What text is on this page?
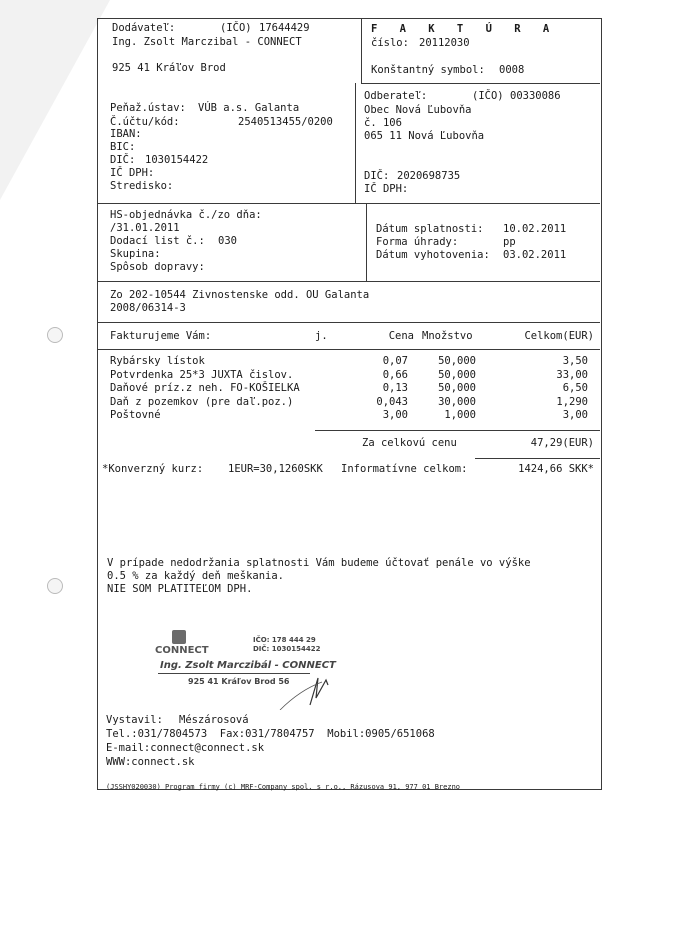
Dodávateľ:	(IČO) 17644429
Ing. Zsolt Marczibal - CONNECT
925 41 Kráľov Brod
F A K T Ú R A
číslo: 20112030
Konštantný symbol: 0008
Peňaž.ústav: VÚB a.s. Galanta
Č.účtu/kód:	2540513455/0200
IBAN:
BIC:
DIČ: 1030154422
IČ DPH:
Stredisko:
Odberateľ:	(IČO) 00330086
Obec Nová Ľubovňa
č. 106
065 11 Nová Ľubovňa
DIČ: 2020698735
IČ DPH:
HS-objednávka č./zo dňa:
/31.01.2011
Dodací list č.: 030
Skupina:
Spôsob dopravy:
Dátum splatnosti: 10.02.2011
Forma úhrady:	pp
Dátum vyhotovenia: 03.02.2011
Zo 202-10544 Zivnostenske odd. OU Galanta
2008/06314-3
Fakturujeme Vám:	j.	Cena Množstvo	Celkom(EUR)
Rybársky lístok	0,07	50,000	3,50
Potvrdenka 25*3 JUXTA čislov.	0,66	50,000	33,00
Daňové príz.z neh. FO-KOŠIELKA	0,13	50,000	6,50
Daň z pozemkov (pre daľ.poz.)	0,043	30,000	1,290
Poštovné	3,00	1,000	3,00
Za celkovú cenu	47,29(EUR)
*Konverzný kurz: 1EUR=30,1260SKK Informatívne celkom:	1424,66 SKK*
V prípade nedodržania splatnosti Vám budeme účtovať penále vo výške
0.5 % za každý deň meškania.
NIE SOM PLATITEĽOM DPH.
CONNECT
IČO: 178 444 29
DIČ: 1030154422
Ing. Zsolt Marczibál - CONNECT
925 41 Kráľov Brod 56
Vystavil: Mészárosová
Tel.:031/7804573  Fax:031/7804757  Mobil:0905/651068
E-mail:connect@connect.sk
WWW:connect.sk
(JSSHY020030) Program firmy (c) MRF-Company spol. s r.o., Rázusova 91, 977 01 Brezno
